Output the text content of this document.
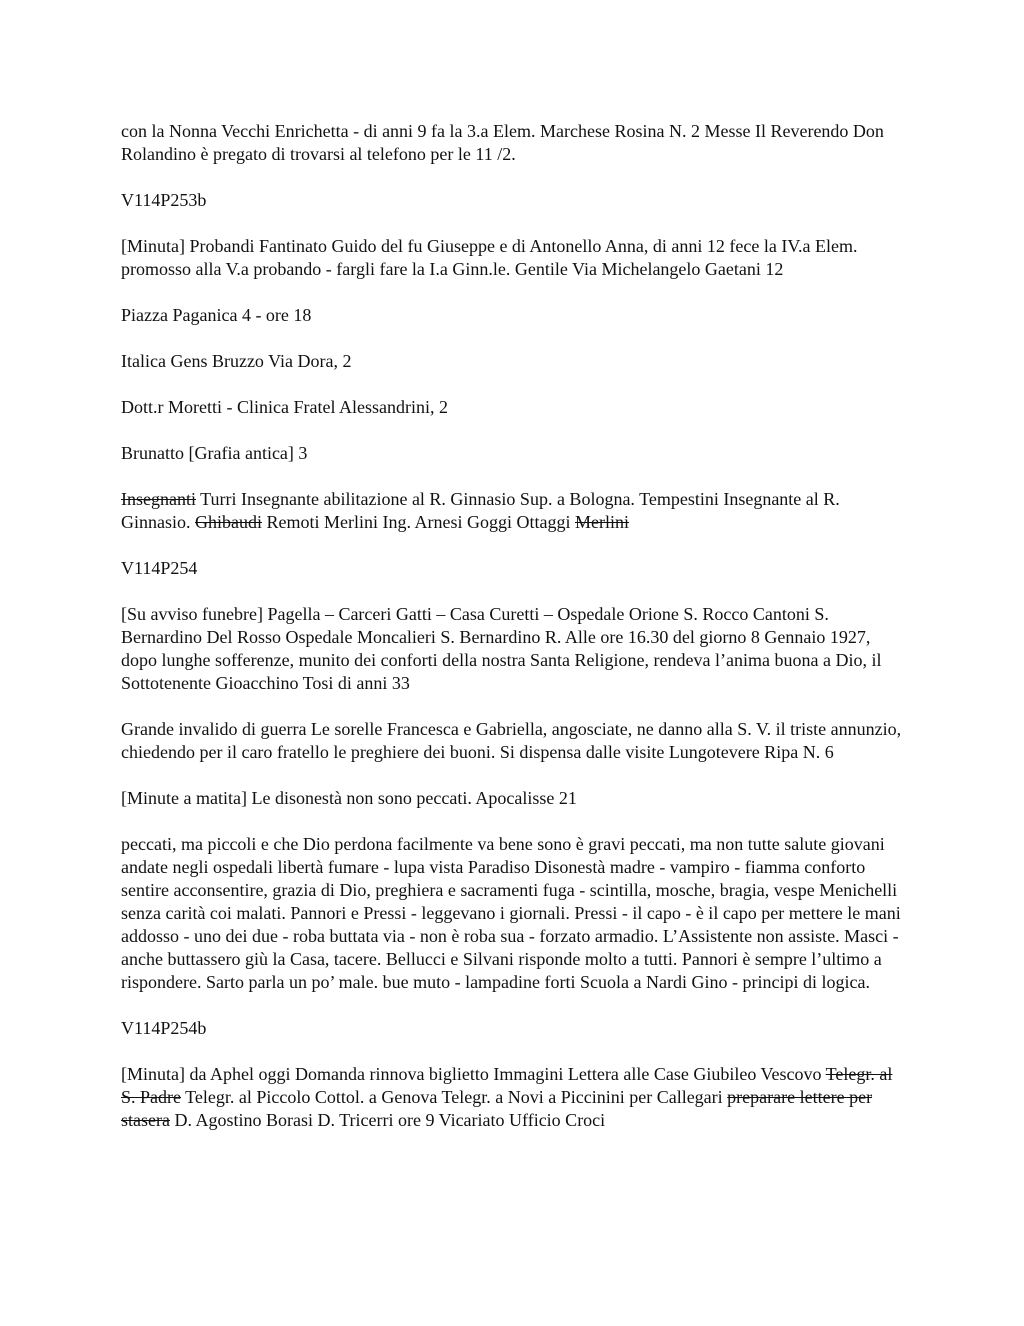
con la Nonna Vecchi Enrichetta - di anni 9 fa la 3.a Elem. Marchese Rosina N. 2 Messe Il Reverendo Don Rolandino è pregato di trovarsi al telefono per le 11 /2.

V114P253b

[Minuta] Probandi Fantinato Guido del fu Giuseppe e di Antonello Anna, di anni 12 fece la IV.a Elem. promosso alla V.a probando - fargli fare la I.a Ginn.le. Gentile Via Michelangelo Gaetani 12

Piazza Paganica 4 - ore 18

Italica Gens Bruzzo Via Dora, 2

Dott.r Moretti - Clinica Fratel Alessandrini, 2

Brunatto [Grafia antica] 3

Insegnanti Turri Insegnante abilitazione al R. Ginnasio Sup. a Bologna. Tempestini Insegnante al R. Ginnasio. Ghibaudi Remoti Merlini Ing. Arnesi Goggi Ottaggi Merlini

V114P254

[Su avviso funebre] Pagella – Carceri Gatti – Casa Curetti – Ospedale Orione S. Rocco Cantoni S. Bernardino Del Rosso Ospedale Moncalieri S. Bernardino R. Alle ore 16.30 del giorno 8 Gennaio 1927, dopo lunghe sofferenze, munito dei conforti della nostra Santa Religione, rendeva l’anima buona a Dio, il Sottotenente Gioacchino Tosi di anni 33

Grande invalido di guerra Le sorelle Francesca e Gabriella, angosciate, ne danno alla S. V. il triste annunzio, chiedendo per il caro fratello le preghiere dei buoni. Si dispensa dalle visite Lungotevere Ripa N. 6

[Minute a matita] Le disonestà non sono peccati. Apocalisse 21

peccati, ma piccoli e che Dio perdona facilmente va bene sono è gravi peccati, ma non tutte salute giovani andate negli ospedali libertà fumare - lupa vista Paradiso Disonestà madre - vampiro - fiamma conforto sentire acconsentire, grazia di Dio, preghiera e sacramenti fuga - scintilla, mosche, bragia, vespe Menichelli senza carità coi malati. Pannori e Pressi - leggevano i giornali. Pressi - il capo - è il capo per mettere le mani addosso - uno dei due - roba buttata via - non è roba sua - forzato armadio. L’Assistente non assiste. Masci - anche buttassero giù la Casa, tacere. Bellucci e Silvani risponde molto a tutti. Pannori è sempre l’ultimo a rispondere. Sarto parla un po’ male. bue muto - lampadine forti Scuola a Nardi Gino - principi di logica.

V114P254b

[Minuta] da Aphel oggi Domanda rinnova biglietto Immagini Lettera alle Case Giubileo Vescovo Telegr. al S. Padre Telegr. al Piccolo Cottol. a Genova Telegr. a Novi a Piccinini per Callegari preparare lettere per stasera D. Agostino Borasi D. Tricerri ore 9 Vicariato Ufficio Croci
